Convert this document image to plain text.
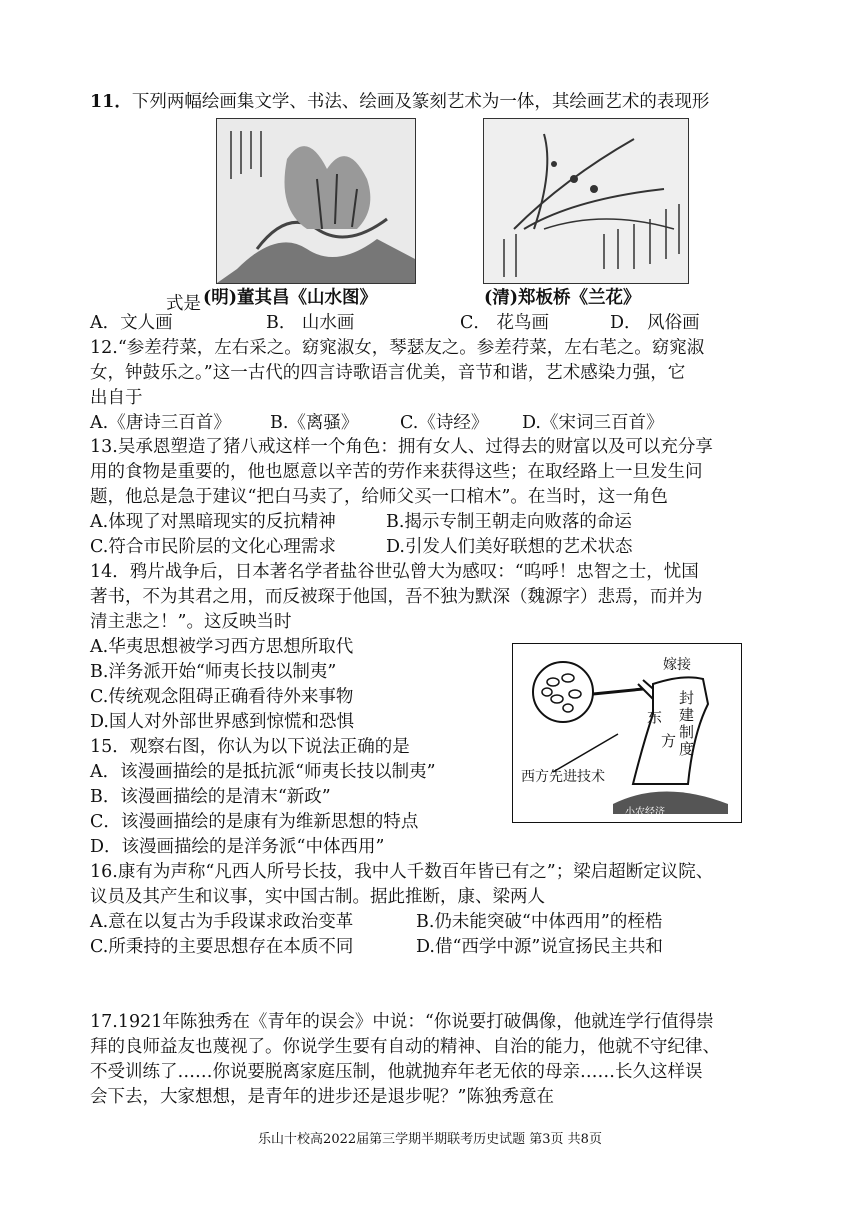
11．下列两幅绘画集文学、书法、绘画及篆刻艺术为一体，其绘画艺术的表现形
式是 (明)董其昌《山水图》	(清)郑板桥《兰花》
A．文人画	B． 山水画	C． 花鸟画	D． 风俗画
12.“参差荇菜，左右采之。窈窕淑女，琴瑟友之。参差荇菜，左右芼之。窈窕淑
女，钟鼓乐之。”这一古代的四言诗歌语言优美，音节和谐，艺术感染力强，它
出自于
A.《唐诗三百首》 B.《离骚》 C.《诗经》 D.《宋词三百首》
13.吴承恩塑造了猪八戒这样一个角色：拥有女人、过得去的财富以及可以充分享
用的食物是重要的，他也愿意以辛苦的劳作来获得这些；在取经路上一旦发生问
题，他总是急于建议“把白马卖了，给师父买一口棺木”。在当时，这一角色
A.体现了对黑暗现实的反抗精神	B.揭示专制王朝走向败落的命运
C.符合市民阶层的文化心理需求	D.引发人们美好联想的艺术状态
14．鸦片战争后，日本著名学者盐谷世弘曾大为感叹：“呜呼！忠智之士，忧国
著书，不为其君之用，而反被琛于他国，吾不独为默深（魏源字）悲焉，而并为
清主悲之！”。这反映当时
A.华夷思想被学习西方思想所取代
B.洋务派开始“师夷长技以制夷”
C.传统观念阻碍正确看待外来事物
D.国人对外部世界感到惊慌和恐惧
嫁接
东
方
封建制度
西方先进技术
小农经济
15．观察右图，你认为以下说法正确的是
A．该漫画描绘的是抵抗派“师夷长技以制夷”
B．该漫画描绘的是清末“新政”
C．该漫画描绘的是康有为维新思想的特点
D．该漫画描绘的是洋务派“中体西用”
16.康有为声称“凡西人所号长技，我中人千数百年皆已有之”；梁启超断定议院、
议员及其产生和议事，实中国古制。据此推断，康、梁两人
A.意在以复古为手段谋求政治变革	B.仍未能突破“中体西用”的桎梏
C.所秉持的主要思想存在本质不同	D.借“西学中源”说宣扬民主共和
17.1921年陈独秀在《青年的误会》中说：“你说要打破偶像，他就连学行值得崇
拜的良师益友也蔑视了。你说学生要有自动的精神、自治的能力，他就不守纪律、
不受训练了……你说要脱离家庭压制，他就抛弃年老无依的母亲……长久这样误
会下去，大家想想，是青年的进步还是退步呢？”陈独秀意在
乐山十校高2022届第三学期半期联考历史试题 第3页 共8页
